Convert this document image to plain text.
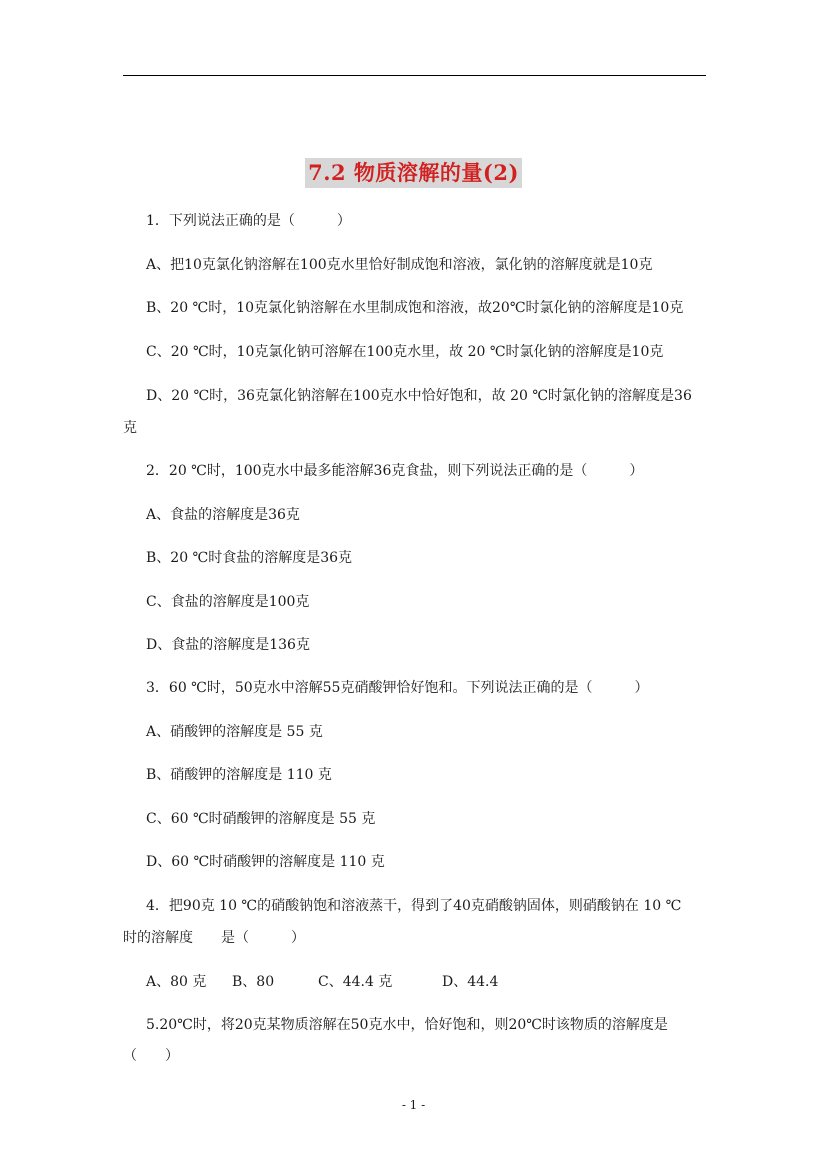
7.2 物质溶解的量(2)
1．下列说法正确的是（　　　）
A、把10克氯化钠溶解在100克水里恰好制成饱和溶液，氯化钠的溶解度就是10克
B、20 ℃时，10克氯化钠溶解在水里制成饱和溶液，故20℃时氯化钠的溶解度是10克
C、20 ℃时，10克氯化钠可溶解在100克水里，故 20 ℃时氯化钠的溶解度是10克
D、20 ℃时，36克氯化钠溶解在100克水中恰好饱和，故 20 ℃时氯化钠的溶解度是36
克
2．20 ℃时，100克水中最多能溶解36克食盐，则下列说法正确的是（　　　）
A、食盐的溶解度是36克
B、20 ℃时食盐的溶解度是36克
C、食盐的溶解度是100克
D、食盐的溶解度是136克
3．60 ℃时，50克水中溶解55克硝酸钾恰好饱和。下列说法正确的是（　　　）
A、硝酸钾的溶解度是 55 克
B、硝酸钾的溶解度是 110 克
C、60 ℃时硝酸钾的溶解度是 55 克
D、60 ℃时硝酸钾的溶解度是 110 克
4．把90克 10 ℃的硝酸钠饱和溶液蒸干，得到了40克硝酸钠固体，则硝酸钠在 10 ℃
时的溶解度　　是（　　　）
A、80 克 B、80	C、44.4 克	D、44.4
5.20℃时，将20克某物质溶解在50克水中，恰好饱和，则20℃时该物质的溶解度是
（　　）
- 1 -
